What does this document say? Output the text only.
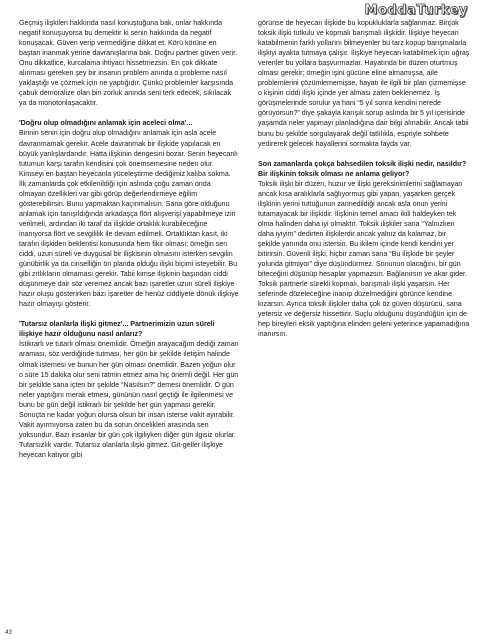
ModdaTurkey

Geçmiş ilişkileri hakkında nasıl konuştuğuna bak, onlar hakkında negatif konuşuyorsa bu demektir ki senin hakkında da negatif konuşacak. Güven verip vermediğine dikkat et. Körü körüne en baştan inanmak yerine davranışlarına bak. Doğru partner güven verir.

Onu dikkatlice, kurcalama ihtiyacı hissetmezsin. En çok dikkate alınması gereken şey bir insanın problem anında o probleme nasıl yaklaştığı ve çözmek için ne yaptığıdır. Çünkü problemler karşısında çabuk demoralize olan biri zorluk anında seni terk edecek, sıkılacak ya da monotonlaşacaktır.

'Doğru olup olmadığını anlamak için aceleci olma'...

Birinin senin için doğru olup olmadığını anlamak için asla acele davranmamak gerekir. Acele davranmak bir ilişkide yapılacak en büyük yanlışlardandır. Hatta ilişkinin dengesini bozar. Senin heyecanlı tutumun karşı tarafın kendisini çok önemsemesine neden olur. Kimseyi en baştan heyecanla yüceleştirme dediğimiz kalıba sokma. İlk zamanlarda çok etkilenildiği için aslında çoğu zaman onda olmayan özellikleri var gibi görüp değerlendirmeye eğilim gösterebilirsin. Bunu yapmaktan kaçınmalısın. Sana göre olduğunu anlamak için tanışıldığında arkadaşça flört alışverişi yapabilmeye izin verilmeli, ardından iki taraf da ilişkide ortaklık kurabileceğine inanıyorsa flört ve sevgililik ile devam edilmeli. Ortaklıktan kasıt, iki tarafın ilişkiden beklentisi konusunda hem fikir olması; örneğin sen ciddi, uzun süreli ve duygusal bir ilişkisinin olmasını isterken sevgilin günübirlik ya da cinselliğin ön planda olduğu ilişki biçimi isteyebilir. Bu gibi zıtlıkların olmaması gerekir. Tabii kimse ilişkinin başından ciddi düşünmeye dair söz veremez ancak bazı işaretler uzun süreli ilişkiye hazır oluşu gösterirken bazı işaretler de henüz ciddiyete dönük ilişkiye hazır olmayışı gösterir.

'Tutarsız olanlarla ilişki gitmez'... Partnerimizin uzun süreli ilişkiye hazır olduğunu nasıl anlarız?

İstikrarlı ve tutarlı olması önemlidir. Örneğin arayacağım dediği zaman araması, söz verdiğinde tutması, her gün bir şekilde iletişim halinde olmak istemesi ve bunun her gün olması önemlidir. Bazen yoğun olur o süre 15 dakika olur seni tatmin etmez ama hiç önemli değil. Her gün bir şekilde sana içten bir şekilde “Nasılsın?” demesi önemlidir. O gün neler yaptığını merak etmesi, gününün nasıl geçtiği ile ilgilenmesi ve bunu bir gün değil istikrarlı bir şekilde her gün yapması gerekir. Sonuçta ne kadar yoğun olursa olsun bir insan isterse vakit ayırabilir. Vakit ayırmıyorsa zaten bu da sorun öncelikleri arasında sen yoksundur. Bazı insanlar bir gün çok ilgiliyken diğer gün ilgisiz olurlar. Tutarsızlık vardır. Tutarsız olanlarla ilişki gitmez. Git-geller ilişkiye heyecan katıyor gibi

görünse de heyecan ilişkide bu kopukluklarla sağlanmaz. Birçok toksik ilişki tutkulu ve kopmalı barışmalı ilişkidir. İlişkiye heyecan katabilmenin farklı yollarını bilmeyenler bu tarz kopup barışmalarla ilişkiyi ayakta tutmaya çalışır. İlişkiye heyecan katabilmek için uğraş verenler bu yollara başvurmazlar. Hayatında bir düzen oturtmuş olması gerekir; örneğin işini gücüne eline almamışsa, aile problemlerini çözümlememişse, hayatı ile ilgili bir plan çizmemişse o kişinin ciddi ilişki içinde yer alması zaten beklenemez. İş görüşmelerinde sorulur ya hani “5 yıl sonra kendini nerede görüyorsun?” diye şakayla karışık sorup aslında bir 5 yıl içerisinde yaşamda neler yapmayı planladığına dair bilgi alınabilir. Ancak tabii bunu bu şekilde sorgulayarak değil tatlılıkla, espriyle sohbete yedirerek gelecek hayallerini sormakta fayda var.

Son zamanlarda çokça bahsedilen toksik ilişki nedir, nasıldır? Bir ilişkinin toksik olması ne anlama geliyor?

Toksik ilişki bir düzen, huzur ve ilişki gereksinimlerini sağlamayan ancak kısa aralıklarla sağlıyormuş gibi yapan, yaşarken gerçek ilişkinin yerini tuttuğunun zannedildiği ancak asla onun yerini tutamayacak bir ilişkidir. İlişkinin temel amacı ikili haldeyken tek olma halinden daha iyi olmaktır. Toksik ilişkiler sana “Yalnızken daha iyiyim” dedirten ilişkilerdir ancak yalnız da kalamaz, bir şekilde yanında onu istersin. Bu ikilem içinde kendi kendini yer bitirirsin. Güvenli ilişki, hiçbir zaman sana “Bu ilişkide bir şeyler yolunda gitmiyor” diye düşündürmez. Sonunun olacağını, bir gün biteceğini düşünüp hesaplar yapmazsın. Bağlanırsın ve akar gider. Toksik partnerle sürekli kopmalı, barışmalı ilişki yaşarsın. Her seferinde düzeleceğine inanıp düzelmediğini görünce kendine kızarsın. Ayrıca toksik ilişkiler daha çok öz güven düşürücü, sana yetersiz ve değersiz hissettirir. Suçlu olduğunu düşündüğün için de hep bireyleri eksik yaptığına elinden geleni yeterince yapamadığına inanırsın.

43
